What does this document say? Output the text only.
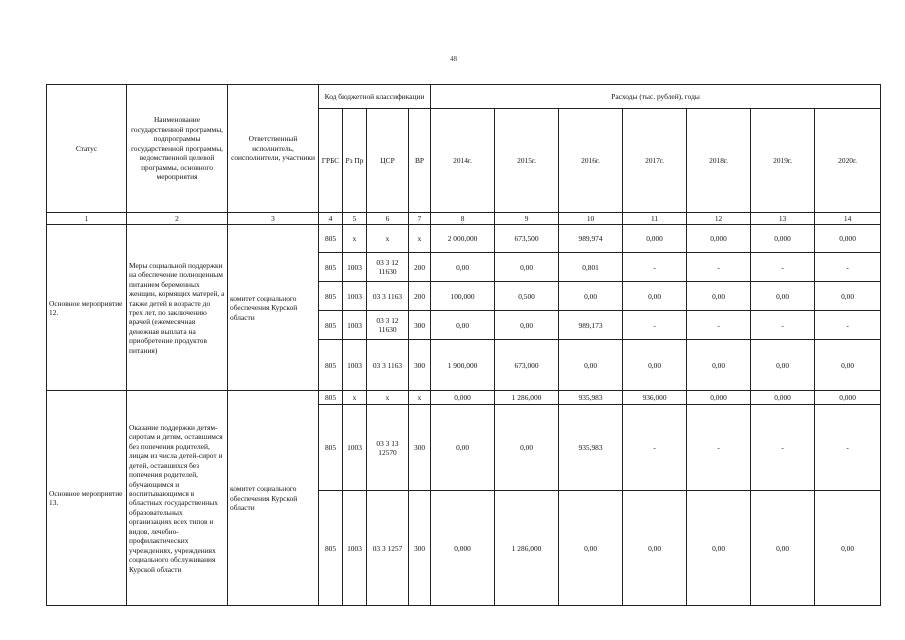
48
Статус	Наименование государственной программы, подпрограммы государственной программы, ведомственной целевой программы, основного мероприятия	Ответственный исполнитель, соисполнители, участники	Код бюджетной классификации				Расходы (тыс. рублей), годы						
			ГРБС	Рз Пр	ЦСР	ВР	2014г.	2015г.	2016г.	2017г.	2018г.	2019г.	2020г.
1	2	3	4	5	6	7	8	9	10	11	12	13	14
Основное мероприятие 12.	Меры социальной поддержки на обеспечение полноценным питанием беременных женщин, кормящих матерей, а также детей в возрасте до трех лет, по заключению врачей (ежемесячная денежная выплата на приобретение продуктов питания)	комитет социального обеспечения Курской области	805	х	х	х	2 000,000	673,500	989,974	0,000	0,000	0,000	0,000
			805	1003	03 3 12 11630	200	0,00	0,00	0,801	-	-	-	-
			805	1003	03 3 1163	200	100,000	0,500	0,00	0,00	0,00	0,00	0,00
			805	1003	03 3 12 11630	300	0,00	0,00	989,173	-	-	-	-
			805	1003	03 3 1163	300	1 900,000	673,000	0,00	0,00	0,00	0,00	0,00
Основное мероприятие 13.	Оказание поддержки детям-сиротам и детям, оставшимся без попечения родителей, лицам из числа детей-сирот и детей, оставшихся без попечения родителей, обучающимся и воспитывающимся в областных государственных образовательных организациях всех типов и видов, лечебно-профилактических учреждениях, учреждениях социального обслуживания Курской области	комитет социального обеспечения Курской области	805	х	х	х	0,000	1 286,000	935,983	936,000	0,000	0,000	0,000
			805	1003	03 3 13 12570	300	0,00	0,00	935,983	-	-	-	-
			805	1003	03 3 1257	300	0,000	1 286,000	0,00	0,00	0,00	0,00	0,00
